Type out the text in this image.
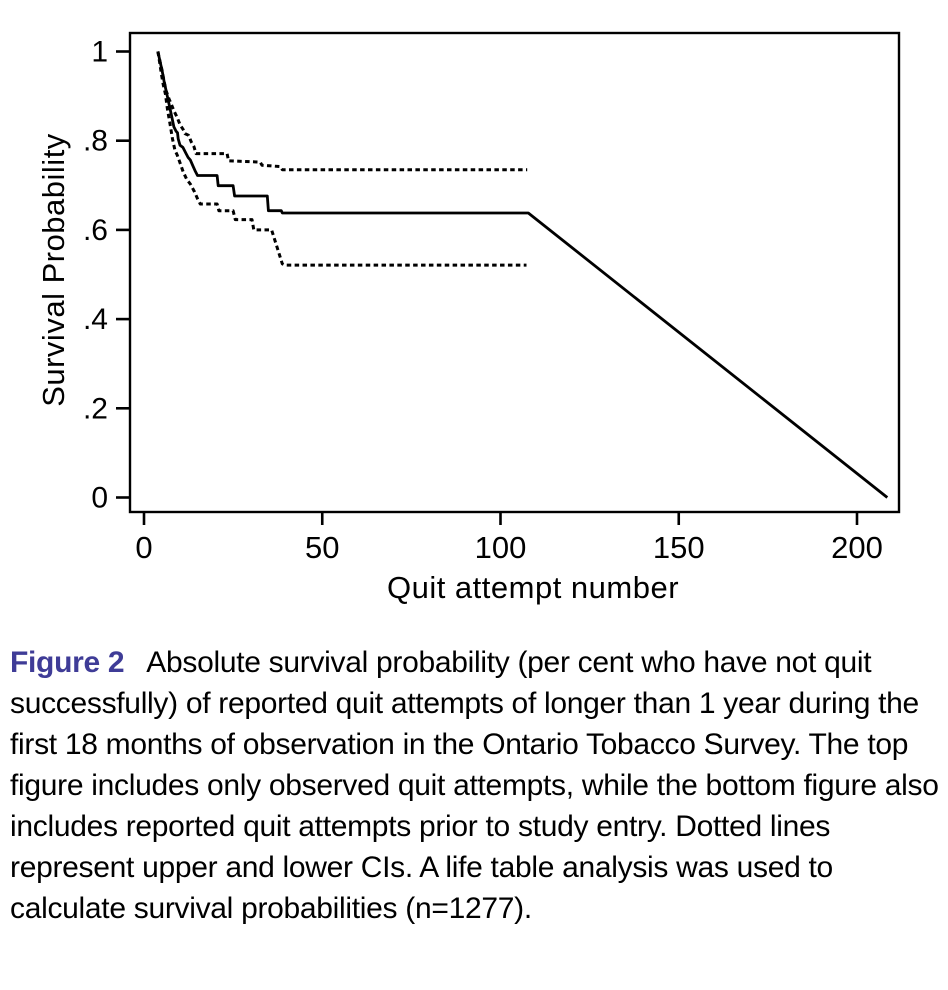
0
.2
.4
.6
.8
1
0	50	100	150	200
Survival Probability
Quit attempt number

Figure 2 Absolute survival probability (per cent who have not quit successfully) of reported quit attempts of longer than 1 year during the first 18 months of observation in the Ontario Tobacco Survey. The top figure includes only observed quit attempts, while the bottom figure also includes reported quit attempts prior to study entry. Dotted lines represent upper and lower CIs. A life table analysis was used to calculate survival probabilities (n=1277).
